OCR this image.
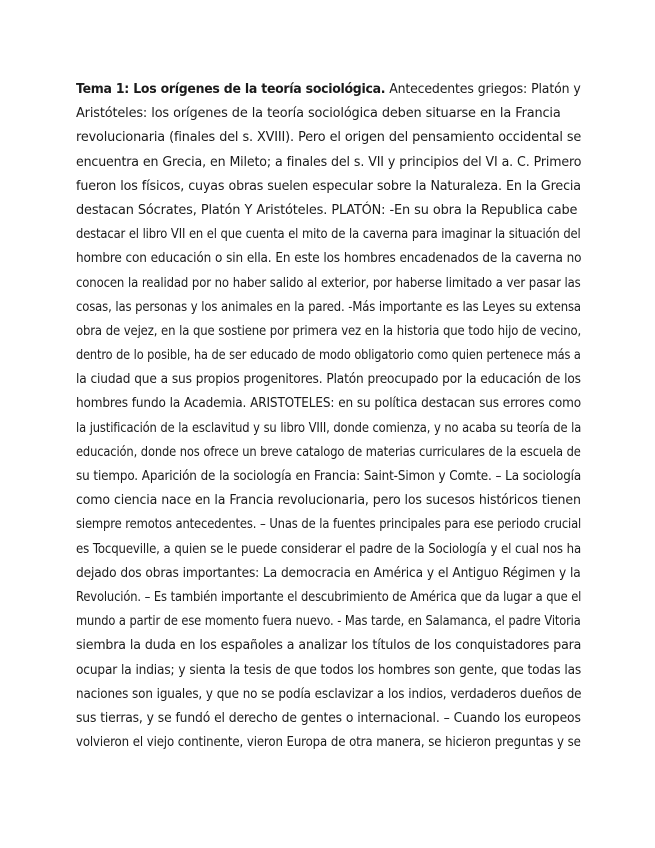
Tema 1: Los orígenes de la teoría sociológica. Antecedentes griegos: Platón y
Aristóteles: los orígenes de la teoría sociológica deben situarse en la Francia
revolucionaria (finales del s. XVIII). Pero el origen del pensamiento occidental se
encuentra en Grecia, en Mileto; a finales del s. VII y principios del VI a. C. Primero
fueron los físicos, cuyas obras suelen especular sobre la Naturaleza. En la Grecia
destacan Sócrates, Platón Y Aristóteles. PLATÓN: -En su obra la Republica cabe
destacar el libro VII en el que cuenta el mito de la caverna para imaginar la situación del
hombre con educación o sin ella. En este los hombres encadenados de la caverna no
conocen la realidad por no haber salido al exterior, por haberse limitado a ver pasar las
cosas, las personas y los animales en la pared. -Más importante es las Leyes su extensa
obra de vejez, en la que sostiene por primera vez en la historia que todo hijo de vecino,
dentro de lo posible, ha de ser educado de modo obligatorio como quien pertenece más a
la ciudad que a sus propios progenitores. Platón preocupado por la educación de los
hombres fundo la Academia. ARISTOTELES: en su política destacan sus errores como
la justificación de la esclavitud y su libro VIII, donde comienza, y no acaba su teoría de la
educación, donde nos ofrece un breve catalogo de materias curriculares de la escuela de
su tiempo. Aparición de la sociología en Francia: Saint-Simon y Comte. – La sociología
como ciencia nace en la Francia revolucionaria, pero los sucesos históricos tienen
siempre remotos antecedentes. – Unas de la fuentes principales para ese periodo crucial
es Tocqueville, a quien se le puede considerar el padre de la Sociología y el cual nos ha
dejado dos obras importantes: La democracia en América y el Antiguo Régimen y la
Revolución. – Es también importante el descubrimiento de América que da lugar a que el
mundo a partir de ese momento fuera nuevo. - Mas tarde, en Salamanca, el padre Vitoria
siembra la duda en los españoles a analizar los títulos de los conquistadores para
ocupar la indias; y sienta la tesis de que todos los hombres son gente, que todas las
naciones son iguales, y que no se podía esclavizar a los indios, verdaderos dueños de
sus tierras, y se fundó el derecho de gentes o internacional. – Cuando los europeos
volvieron el viejo continente, vieron Europa de otra manera, se hicieron preguntas y se
